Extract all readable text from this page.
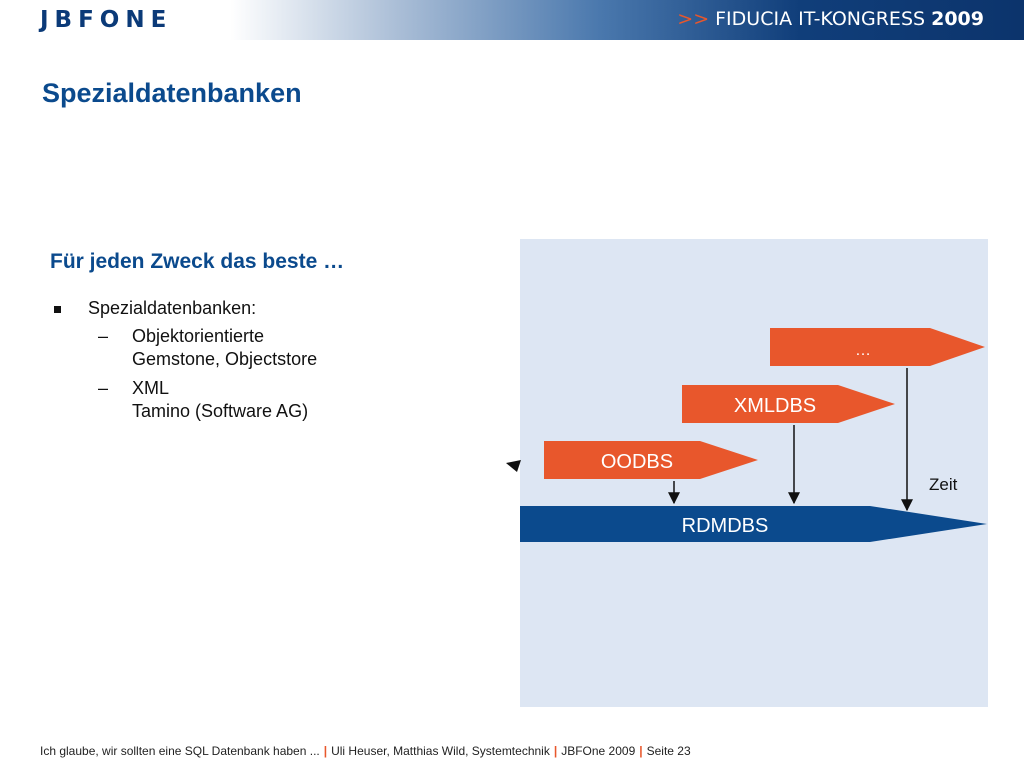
JBFONE	>> FIDUCIA IT-KONGRESS 2009
Spezialdatenbanken
Für jeden Zweck das beste …
Spezialdatenbanken:
– Objektorientierte
Gemstone, Objectstore
– XML
Tamino (Software AG)
RDMDBS
OODBS
XMLDBS
…
Zeit
Ich glaube, wir sollten eine SQL Datenbank haben ... | Uli Heuser, Matthias Wild, Systemtechnik | JBFOne 2009 | Seite 23
